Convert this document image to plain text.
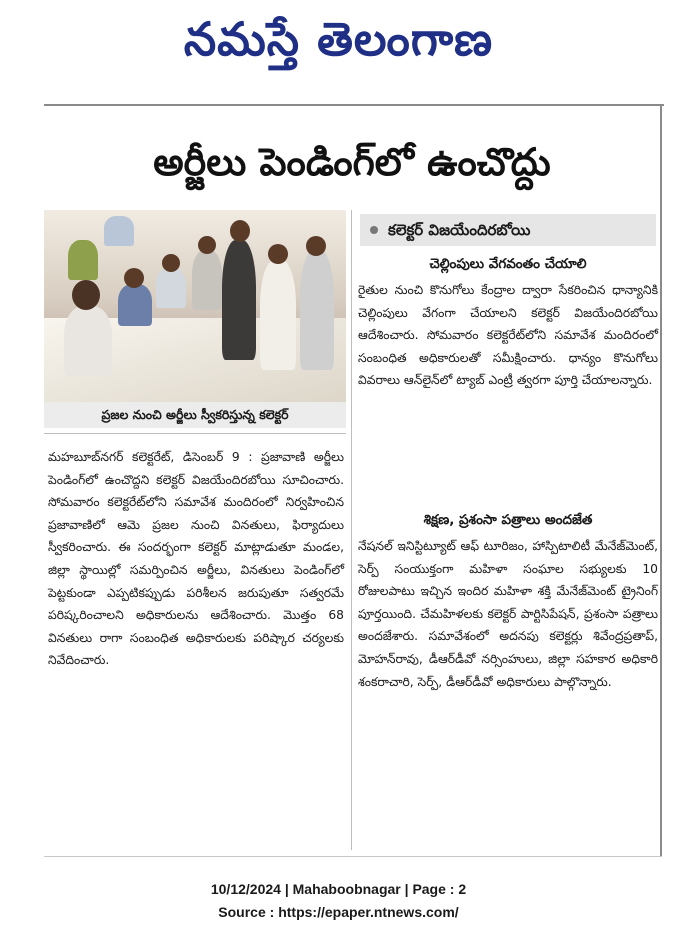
నమస్తే తెలంగాణ
అర్జీలు పెండింగ్‌లో ఉంచొద్దు
ప్రజల నుంచి అర్జీలు స్వీకరిస్తున్న కలెక్టర్
కలెక్టర్ విజయేందిరబోయి
మహబూబ్‌నగర్ కలెక్టరేట్, డిసెంబర్ 9 : ప్రజావాణి అర్జీలు పెండింగ్‌లో ఉంచొద్దని కలెక్టర్ విజయేందిరబోయి సూచించారు. సోమవారం కలెక్టరేట్‌లోని సమావేశ మందిరంలో నిర్వహించిన ప్రజావాణిలో ఆమె ప్రజల నుంచి వినతులు, ఫిర్యాదులు స్వీకరించారు. ఈ సందర్భంగా కలెక్టర్ మాట్లాడుతూ మండల, జిల్లా స్థాయిల్లో సమర్పించిన అర్జీలు, వినతులు పెండింగ్‌లో పెట్టకుండా ఎప్పటికప్పుడు పరిశీలన జరుపుతూ సత్వరమే పరిష్కరించాలని అధికారులను ఆదేశించారు. మొత్తం 68 వినతులు రాగా సంబంధిత అధికారులకు పరిష్కార చర్యలకు నివేదించారు.
చెల్లింపులు వేగవంతం చేయాలి
రైతుల నుంచి కొనుగోలు కేంద్రాల ద్వారా సేకరించిన ధాన్యానికి చెల్లింపులు వేగంగా చేయాలని కలెక్టర్ విజయేందిరబోయి ఆదేశించారు. సోమవారం కలెక్టరేట్‌లోని సమావేశ మందిరంలో సంబంధిత అధికారులతో సమీక్షించారు. ధాన్యం కొనుగోలు వివరాలు ఆన్‌లైన్‌లో ట్యాబ్ ఎంట్రీ త్వరగా పూర్తి చేయాలన్నారు.
శిక్షణ, ప్రశంసా పత్రాలు అందజేత
నేషనల్ ఇనిస్టిట్యూట్ ఆఫ్ టూరిజం, హాస్పిటాలిటీ మేనేజ్‌మెంట్, సెర్ప్ సంయుక్తంగా మహిళా సంఘాల సభ్యులకు 10 రోజులపాటు ఇచ్చిన ఇందిర మహిళా శక్తి మేనేజ్‌మెంట్ ట్రైనింగ్ పూర్తయింది. చేమహిళలకు కలెక్టర్ పార్టిసిపేషన్, ప్రశంసా పత్రాలు అందజేశారు. సమావేశంలో అదనపు కలెక్టర్లు శివేంద్రప్రతాప్, మోహన్‌రావు, డీఆర్‌డీవో నర్సింహులు, జిల్లా సహకార అధికారి శంకరాచారి, సెర్ప్, డీఆర్‌డీవో అధికారులు పాల్గొన్నారు.
10/12/2024 | Mahaboobnagar | Page : 2
Source : https://epaper.ntnews.com/
